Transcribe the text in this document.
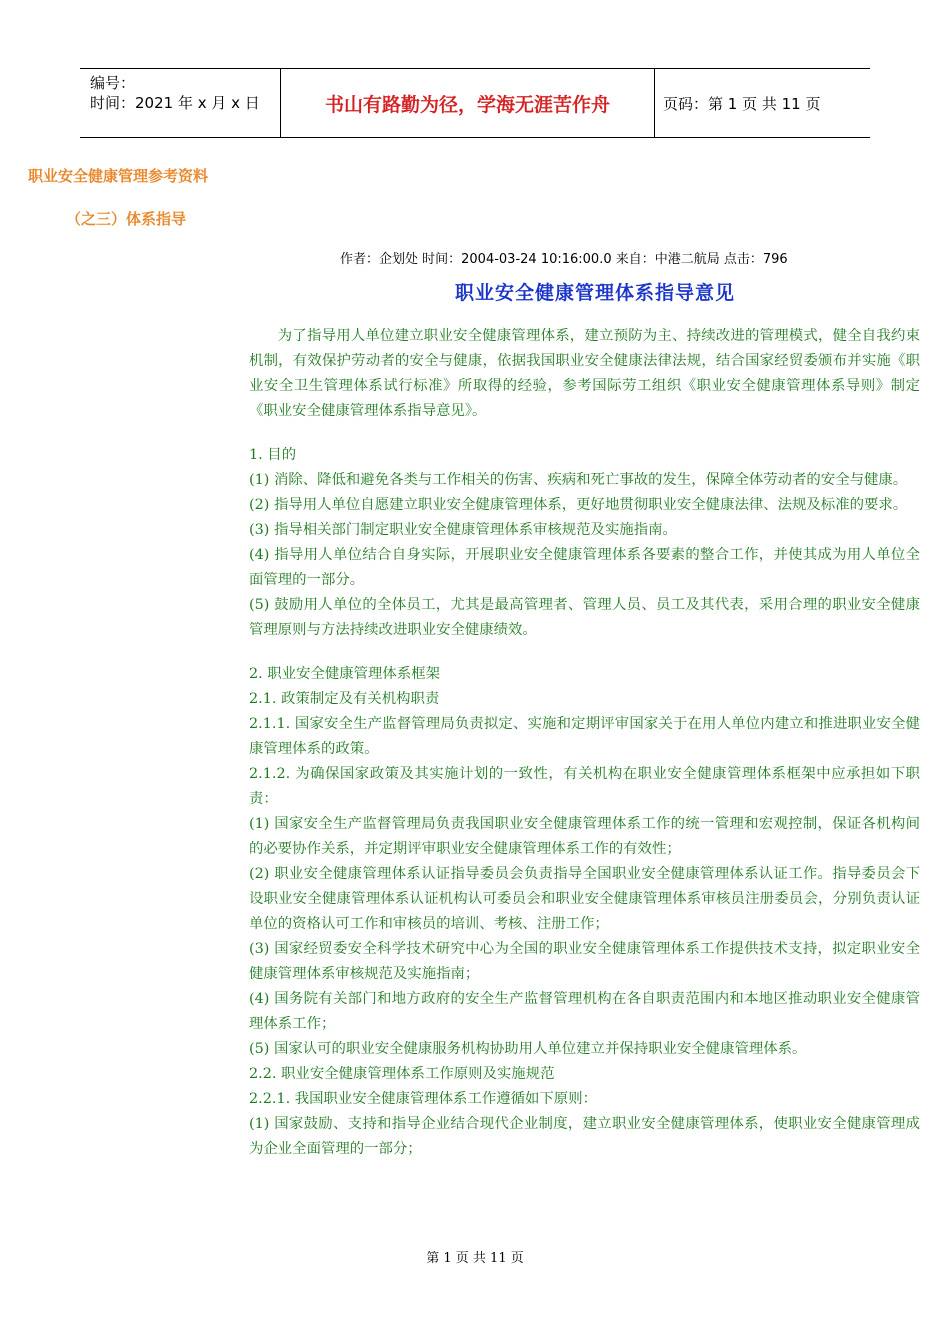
编号：
时间：2021 年 x 月 x 日	书山有路勤为径，学海无涯苦作舟	页码：第 1 页 共 11 页
职业安全健康管理参考资料
（之三）体系指导
作者：企划处 时间：2004-03-24 10:16:00.0 来自：中港二航局 点击：796
职业安全健康管理体系指导意见

为了指导用人单位建立职业安全健康管理体系，建立预防为主、持续改进的管理模式，健全自我约束机制，有效保护劳动者的安全与健康，依据我国职业安全健康法律法规，结合国家经贸委颁布并实施《职业安全卫生管理体系试行标准》所取得的经验，参考国际劳工组织《职业安全健康管理体系导则》制定《职业安全健康管理体系指导意见》。

1. 目的

(1) 消除、降低和避免各类与工作相关的伤害、疾病和死亡事故的发生，保障全体劳动者的安全与健康。

(2) 指导用人单位自愿建立职业安全健康管理体系，更好地贯彻职业安全健康法律、法规及标准的要求。

(3) 指导相关部门制定职业安全健康管理体系审核规范及实施指南。

(4) 指导用人单位结合自身实际，开展职业安全健康管理体系各要素的整合工作，并使其成为用人单位全面管理的一部分。

(5) 鼓励用人单位的全体员工，尤其是最高管理者、管理人员、员工及其代表，采用合理的职业安全健康管理原则与方法持续改进职业安全健康绩效。

2. 职业安全健康管理体系框架

2.1. 政策制定及有关机构职责

2.1.1. 国家安全生产监督管理局负责拟定、实施和定期评审国家关于在用人单位内建立和推进职业安全健康管理体系的政策。

2.1.2. 为确保国家政策及其实施计划的一致性，有关机构在职业安全健康管理体系框架中应承担如下职责：

(1) 国家安全生产监督管理局负责我国职业安全健康管理体系工作的统一管理和宏观控制，保证各机构间的必要协作关系，并定期评审职业安全健康管理体系工作的有效性；

(2) 职业安全健康管理体系认证指导委员会负责指导全国职业安全健康管理体系认证工作。指导委员会下设职业安全健康管理体系认证机构认可委员会和职业安全健康管理体系审核员注册委员会，分别负责认证单位的资格认可工作和审核员的培训、考核、注册工作；

(3) 国家经贸委安全科学技术研究中心为全国的职业安全健康管理体系工作提供技术支持，拟定职业安全健康管理体系审核规范及实施指南；

(4) 国务院有关部门和地方政府的安全生产监督管理机构在各自职责范围内和本地区推动职业安全健康管理体系工作；

(5) 国家认可的职业安全健康服务机构协助用人单位建立并保持职业安全健康管理体系。

2.2. 职业安全健康管理体系工作原则及实施规范

2.2.1. 我国职业安全健康管理体系工作遵循如下原则：

(1) 国家鼓励、支持和指导企业结合现代企业制度，建立职业安全健康管理体系，使职业安全健康管理成为企业全面管理的一部分；

第 1 页 共 11 页
